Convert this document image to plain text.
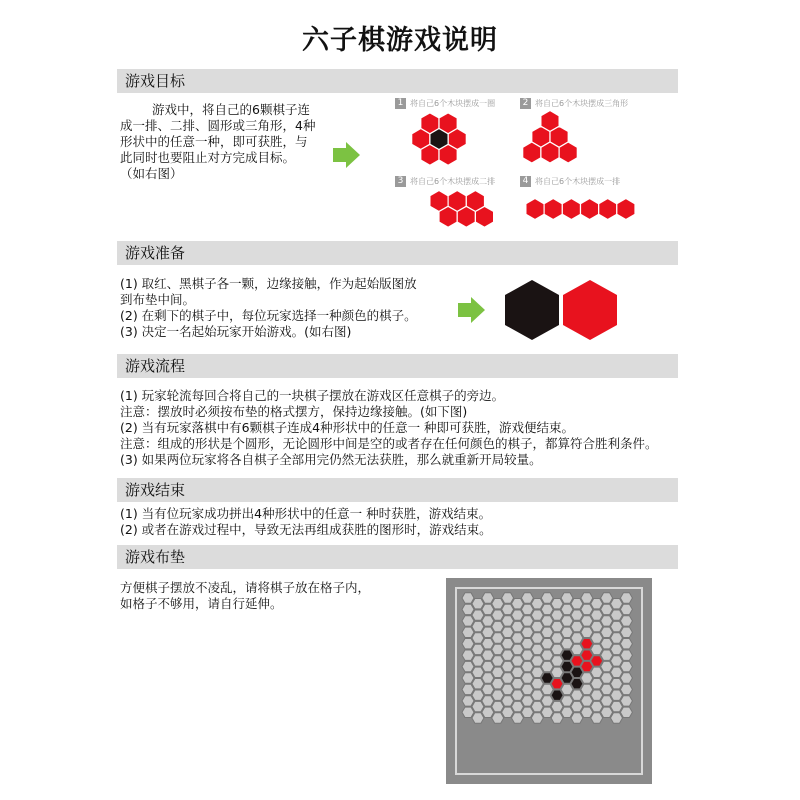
六子棋游戏说明
游戏目标
游戏中，将自己的6颗棋子连
成一排、二排、圆形或三角形，4种
形状中的任意一种，即可获胜，与
此同时也要阻止对方完成目标。
（如右图）
1 将自己6个木块摆成一圈	2 将自己6个木块摆成三角形
3 将自己6个木块摆成二排	4 将自己6个木块摆成一排
游戏准备
(1) 取红、黑棋子各一颗，边缘接触，作为起始版图放
到布垫中间。
(2) 在剩下的棋子中，每位玩家选择一种颜色的棋子。
(3) 决定一名起始玩家开始游戏。(如右图)
游戏流程
(1) 玩家轮流每回合将自己的一块棋子摆放在游戏区任意棋子的旁边。
注意：摆放时必须按布垫的格式摆方，保持边缘接触。(如下图)
(2) 当有玩家落棋中有6颗棋子连成4种形状中的任意一 种即可获胜，游戏便结束。
注意：组成的形状是个圆形，无论圆形中间是空的或者存在任何颜色的棋子，都算符合胜利条件。
(3) 如果两位玩家将各自棋子全部用完仍然无法获胜，那么就重新开局较量。
游戏结束
(1) 当有位玩家成功拼出4种形状中的任意一 种时获胜，游戏结束。
(2) 或者在游戏过程中，导致无法再组成获胜的图形时，游戏结束。
游戏布垫
方便棋子摆放不凌乱，请将棋子放在格子内，
如格子不够用，请自行延伸。
